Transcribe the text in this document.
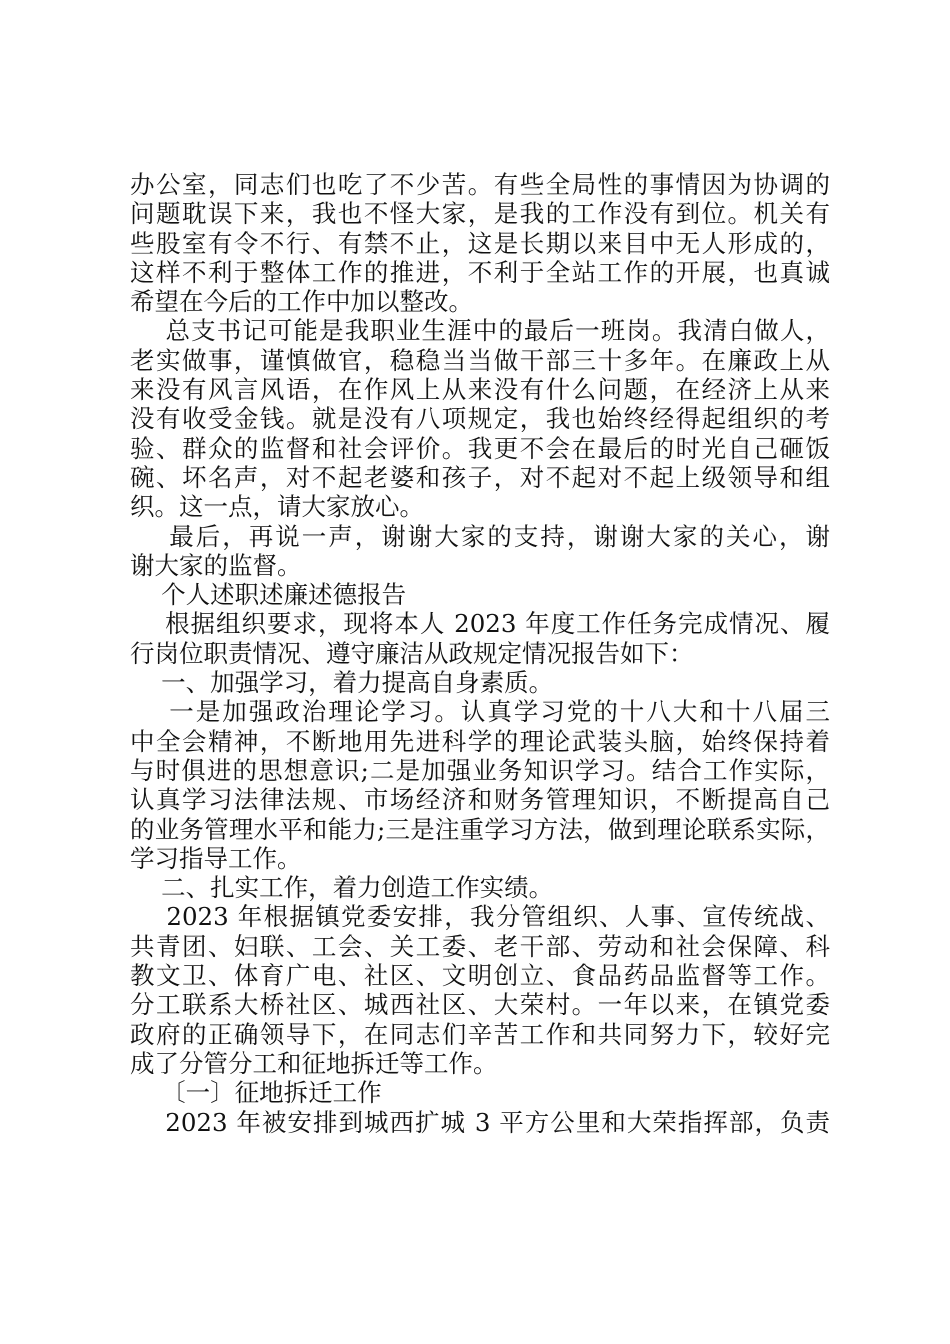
办公室，同志们也吃了不少苦。有些全局性的事情因为协调的
问题耽误下来，我也不怪大家，是我的工作没有到位。机关有
些股室有令不行、有禁不止，这是长期以来目中无人形成的，
这样不利于整体工作的推进，不利于全站工作的开展，也真诚
希望在今后的工作中加以整改。
总支书记可能是我职业生涯中的最后一班岗。我清白做人，
老实做事，谨慎做官，稳稳当当做干部三十多年。在廉政上从
来没有风言风语，在作风上从来没有什么问题，在经济上从来
没有收受金钱。就是没有八项规定，我也始终经得起组织的考
验、群众的监督和社会评价。我更不会在最后的时光自己砸饭
碗、坏名声，对不起老婆和孩子，对不起对不起上级领导和组
织。这一点，请大家放心。
最后，再说一声，谢谢大家的支持，谢谢大家的关心，谢
谢大家的监督。
个人述职述廉述德报告
根据组织要求，现将本人 2023 年度工作任务完成情况、履
行岗位职责情况、遵守廉洁从政规定情况报告如下：
一、加强学习，着力提高自身素质。
一是加强政治理论学习。认真学习党的十八大和十八届三
中全会精神，不断地用先进科学的理论武装头脑，始终保持着
与时俱进的思想意识;二是加强业务知识学习。结合工作实际，
认真学习法律法规、市场经济和财务管理知识，不断提高自己
的业务管理水平和能力;三是注重学习方法，做到理论联系实际，
学习指导工作。
二、扎实工作，着力创造工作实绩。
2023 年根据镇党委安排，我分管组织、人事、宣传统战、
共青团、妇联、工会、关工委、老干部、劳动和社会保障、科
教文卫、体育广电、社区、文明创立、食品药品监督等工作。
分工联系大桥社区、城西社区、大荣村。一年以来，在镇党委
政府的正确领导下，在同志们辛苦工作和共同努力下，较好完
成了分管分工和征地拆迁等工作。
〔一〕征地拆迁工作
2023 年被安排到城西扩城 3 平方公里和大荣指挥部，负责
